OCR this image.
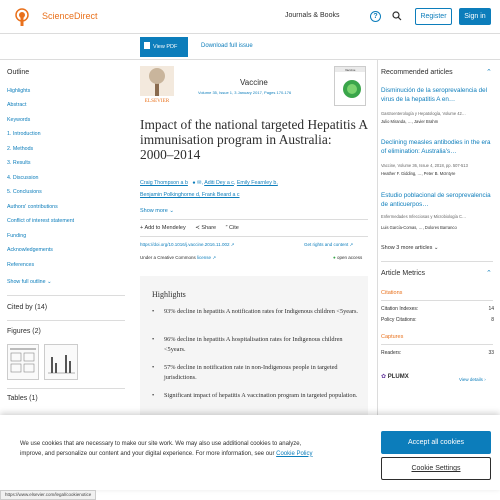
ScienceDirect	Journals & Books	?	Register	Sign in
View PDF	Download full issue
Outline
Highlights
Abstract
Keywords
1. Introduction
2. Methods
3. Results
4. Discussion
5. Conclusions
Authors' contributions
Conflict of interest statement
Funding
Acknowledgements
References
Show full outline ⌄
Cited by (14)
Figures (2)
Tables (1)
ELSEVIER
Vaccine
Volume 35, Issue 1, 3 January 2017, Pages 170-176
Vaccine
Impact of the national targeted Hepatitis A immunisation program in Australia: 2000–2014
Craig Thompson a b ● ✉, Aditi Dey a c, Emily Fearnley b,
Benjamin Polkinghorne d, Frank Beard a c
Show more ⌄
+ Add to Mendeley ≺ Share ” Cite
https://doi.org/10.1016/j.vaccine.2016.11.002 ↗	Get rights and content ↗
Under a Creative Commons license ↗	● open access
Highlights
•	93% decline in hepatitis A notification rates for Indigenous children <5years.
•	96% decline in hepatitis A hospitalisation rates for Indigenous children <5years.
•	57% decline in notification rate in non-Indigenous people in targeted jurisdictions.
•	Significant impact of hepatitis A vaccination program in targeted population.
Recommended articles	⌃
Disminución de la seroprevalencia del virus de la hepatitis A en…
Gastroenterología y Hepatología, Volume 42…
Julio Miranda, …, Javier Brahm
Declining measles antibodies in the era of elimination: Australia's…
Vaccine, Volume 36, Issue 4, 2018, pp. 507-513
Heather F. Gidding, …, Peter B. McIntyre
Estudio poblacional de seroprevalencia de anticuerpos…
Enfermedades Infecciosas y Microbiología C…
Luis García-Comas, …, Dolores Barranco
Show 3 more articles ⌄
Article Metrics	⌃
Citations
Citation Indexes:	14
Policy Citations:	8
Captures
Readers:	33
✿ PLUMX	View details ›
We use cookies that are necessary to make our site work. We may also use additional cookies to analyze, improve, and personalize our content and your digital experience. For more information, see our Cookie Policy
Accept all cookies
Cookie Settings
https://www.elsevier.com/legal/cookienotice
